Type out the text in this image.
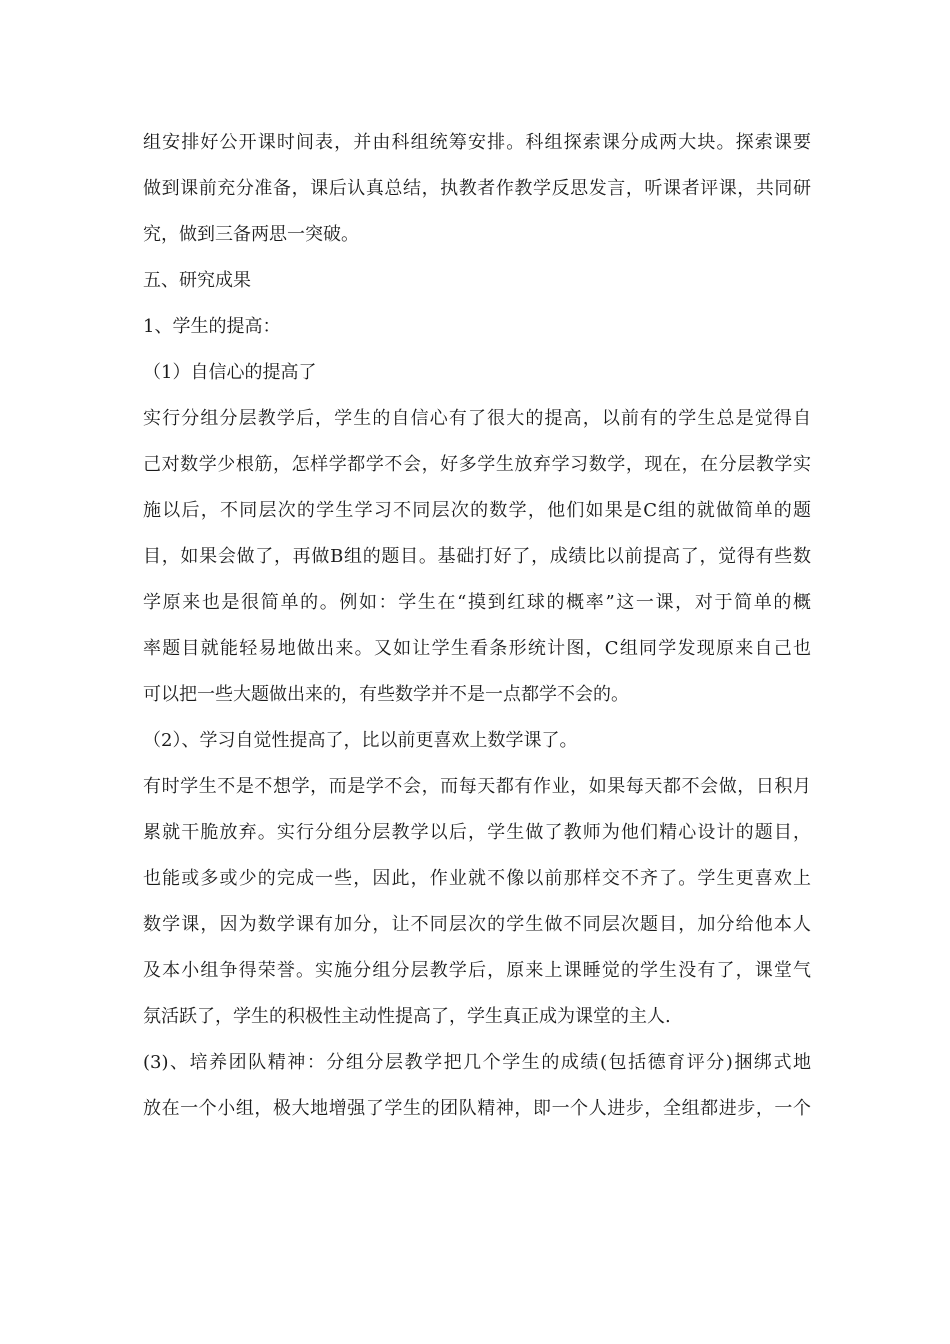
组安排好公开课时间表，并由科组统筹安排。科组探索课分成两大块。探索课要
做到课前充分准备，课后认真总结，执教者作教学反思发言，听课者评课，共同研
究，做到三备两思一突破。
五、研究成果
1、学生的提高：
（1）自信心的提高了
实行分组分层教学后，学生的自信心有了很大的提高，以前有的学生总是觉得自
己对数学少根筋，怎样学都学不会，好多学生放弃学习数学，现在，在分层教学实
施以后，不同层次的学生学习不同层次的数学，他们如果是C组的就做简单的题
目，如果会做了，再做B组的题目。基础打好了，成绩比以前提高了，觉得有些数
学原来也是很简单的。例如：学生在“摸到红球的概率”这一课，对于简单的概
率题目就能轻易地做出来。又如让学生看条形统计图，C组同学发现原来自己也
可以把一些大题做出来的，有些数学并不是一点都学不会的。
（2）、学习自觉性提高了，比以前更喜欢上数学课了。
有时学生不是不想学，而是学不会，而每天都有作业，如果每天都不会做，日积月
累就干脆放弃。实行分组分层教学以后，学生做了教师为他们精心设计的题目，
也能或多或少的完成一些，因此，作业就不像以前那样交不齐了。学生更喜欢上
数学课，因为数学课有加分，让不同层次的学生做不同层次题目，加分给他本人
及本小组争得荣誉。实施分组分层教学后，原来上课睡觉的学生没有了，课堂气
氛活跃了，学生的积极性主动性提高了，学生真正成为课堂的主人.
(3)、培养团队精神：分组分层教学把几个学生的成绩(包括德育评分)捆绑式地
放在一个小组，极大地增强了学生的团队精神，即一个人进步，全组都进步，一个
